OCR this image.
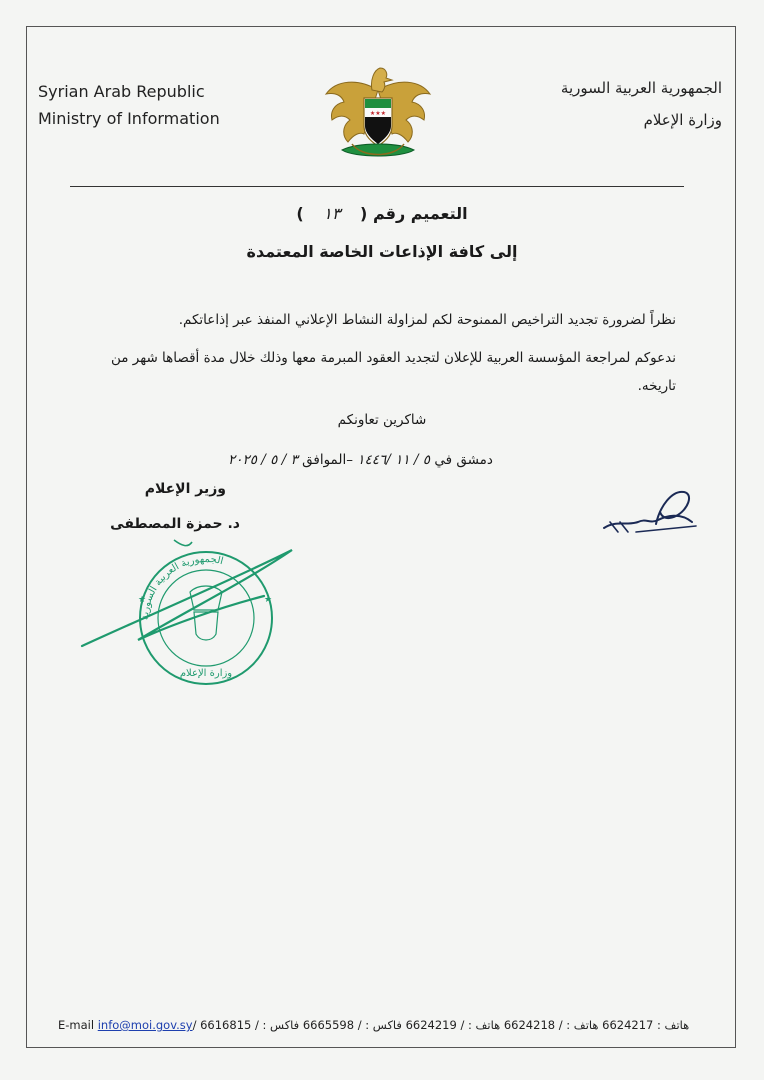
Syrian Arab Republic
Ministry of Information
الجمهورية العربية السورية
وزارة الإعلام
★★★
التعميم رقم ( ١٣ )
إلى كافة الإذاعات الخاصة المعتمدة
نظراً لضرورة تجديد التراخيص الممنوحة لكم لمزاولة النشاط الإعلاني المنفذ عبر إذاعاتكم.
ندعوكم لمراجعة المؤسسة العربية للإعلان لتجديد العقود المبرمة معها وذلك خلال مدة أقصاها شهر من تاريخه.
شاكرين تعاونكم
دمشق في ٥ / ١١ /١٤٤٦ –الموافق ٣ / ٥ / ٢٠٢٥
وزير الإعلام
د. حمزة المصطفى
الجمهورية العربية السورية
وزارة الإعلام
★	★
E-mail info@moi.gov.sy/ 6616815 / فاكس : 6665598 / فاكس : 6624219 / هاتف : 6624218 / هاتف : 6624217 هاتف :
